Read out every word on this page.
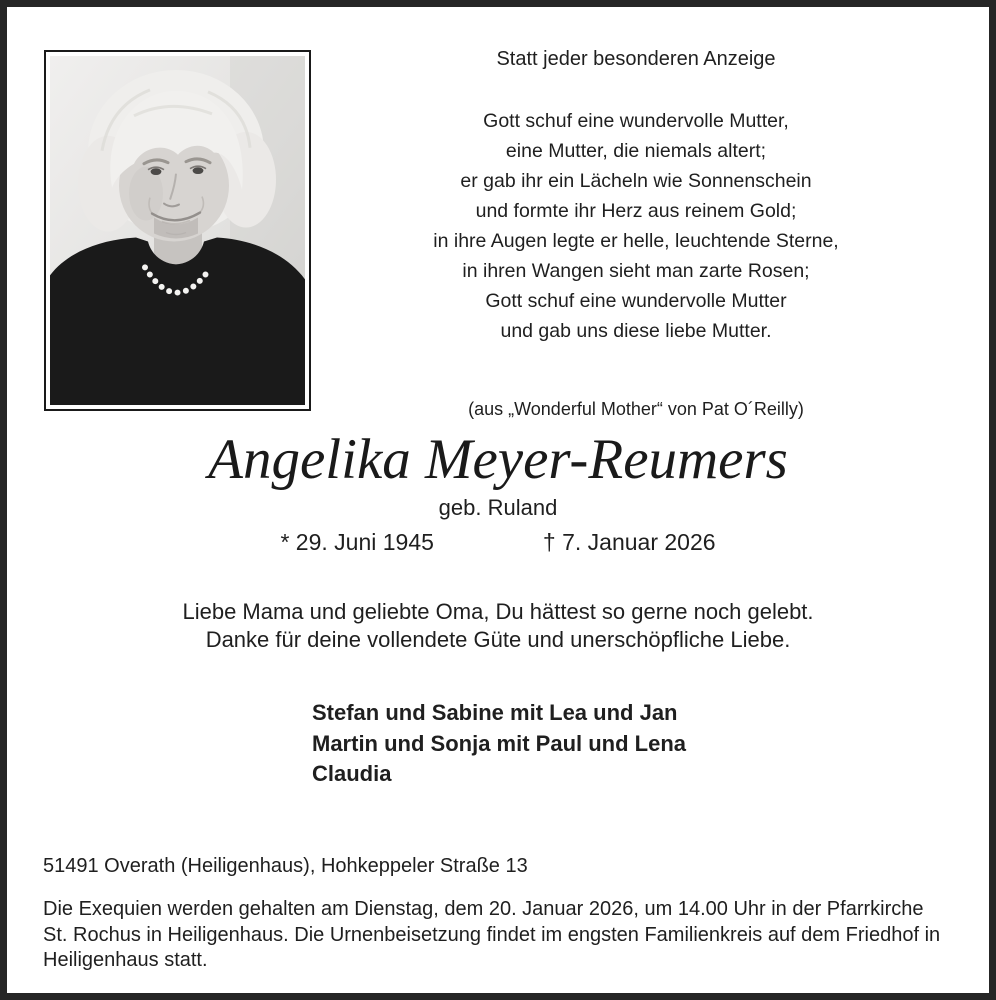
Statt jeder besonderen Anzeige
Gott schuf eine wundervolle Mutter,
eine Mutter, die niemals altert;
er gab ihr ein Lächeln wie Sonnenschein
und formte ihr Herz aus reinem Gold;
in ihre Augen legte er helle, leuchtende Sterne,
in ihren Wangen sieht man zarte Rosen;
Gott schuf eine wundervolle Mutter
und gab uns diese liebe Mutter.

(aus „Wonderful Mother“ von Pat O´Reilly)
Angelika Meyer-Reumers
geb. Ruland
* 29. Juni 1945	† 7. Januar 2026
Liebe Mama und geliebte Oma, Du hättest so gerne noch gelebt.
Danke für deine vollendete Güte und unerschöpfliche Liebe.
Stefan und Sabine mit Lea und Jan
Martin und Sonja mit Paul und Lena
Claudia
51491 Overath (Heiligenhaus), Hohkeppeler Straße 13
Die Exequien werden gehalten am Dienstag, dem 20. Januar 2026, um 14.00 Uhr in der Pfarrkirche
St. Rochus in Heiligenhaus. Die Urnenbeisetzung findet im engsten Familienkreis auf dem Friedhof in
Heiligenhaus statt.
